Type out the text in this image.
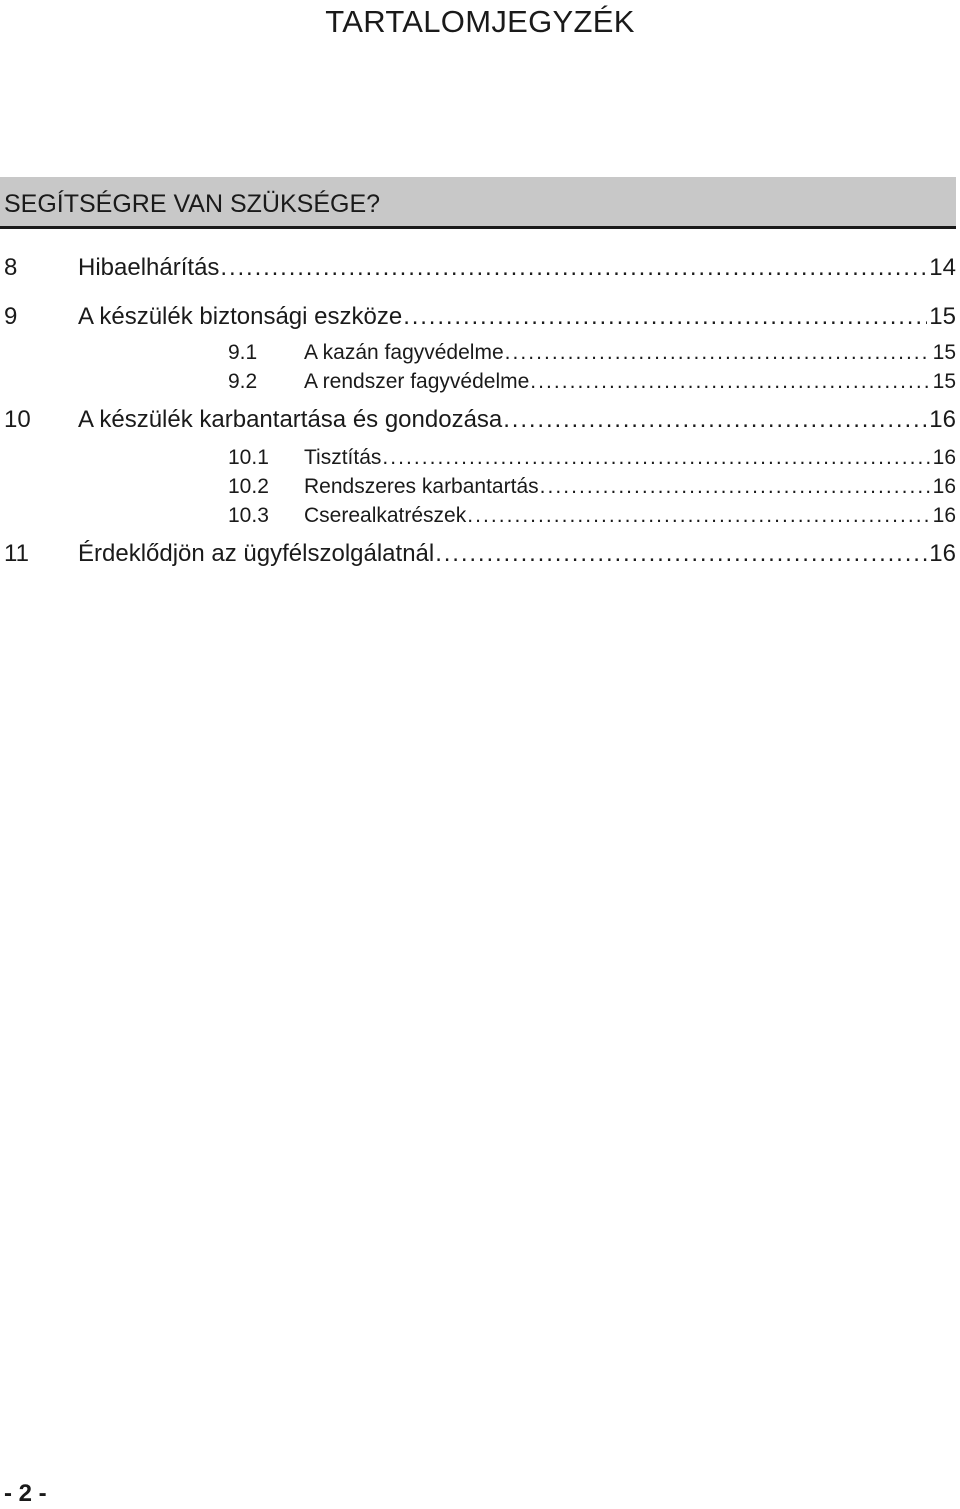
TARTALOMJEGYZÉK
SEGÍTSÉGRE VAN SZÜKSÉGE?
8	Hibaelhárítás . . .	14
9	A készülék biztonsági eszköze . . .	15
9.1	A kazán fagyvédelme . . .	15
9.2	A rendszer fagyvédelme . . .	15
10	A készülék karbantartása és gondozása . . .	16
10.1	Tisztítás . . .	16
10.2	Rendszeres karbantartás . . .	16
10.3	Cserealkatrészek . . .	16
11	Érdeklődjön az ügyfélszolgálatnál . . .	16
- 2 -
